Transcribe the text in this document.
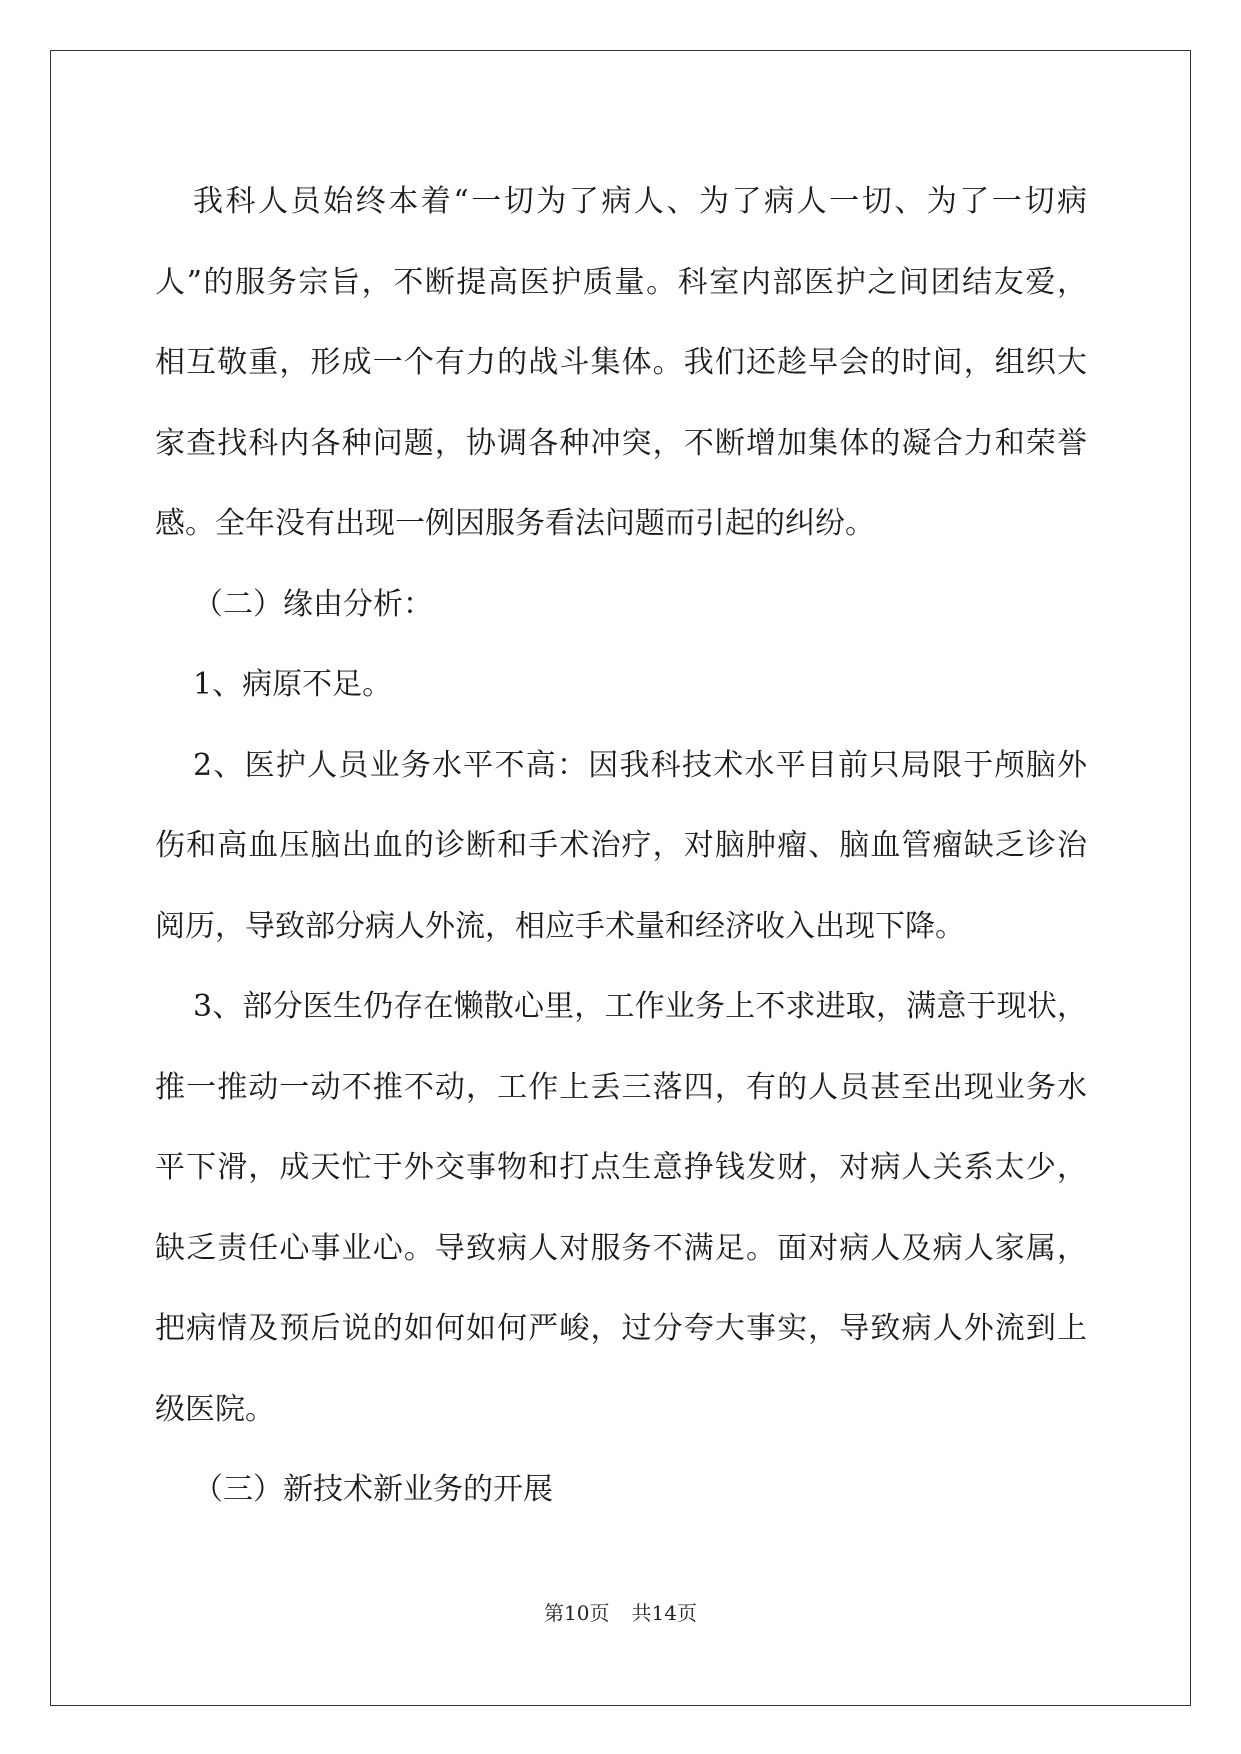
我科人员始终本着“一切为了病人、为了病人一切、为了一切病
人”的服务宗旨，不断提高医护质量。科室内部医护之间团结友爱，
相互敬重，形成一个有力的战斗集体。我们还趁早会的时间，组织大
家查找科内各种问题，协调各种冲突，不断增加集体的凝合力和荣誉
感。全年没有出现一例因服务看法问题而引起的纠纷。
（二）缘由分析：
1、病原不足。
2、医护人员业务水平不高：因我科技术水平目前只局限于颅脑外
伤和高血压脑出血的诊断和手术治疗，对脑肿瘤、脑血管瘤缺乏诊治
阅历，导致部分病人外流，相应手术量和经济收入出现下降。
3、部分医生仍存在懒散心里，工作业务上不求进取，满意于现状，
推一推动一动不推不动，工作上丢三落四，有的人员甚至出现业务水
平下滑，成天忙于外交事物和打点生意挣钱发财，对病人关系太少，
缺乏责任心事业心。导致病人对服务不满足。面对病人及病人家属，
把病情及预后说的如何如何严峻，过分夸大事实，导致病人外流到上
级医院。
（三）新技术新业务的开展
第10页 共14页
